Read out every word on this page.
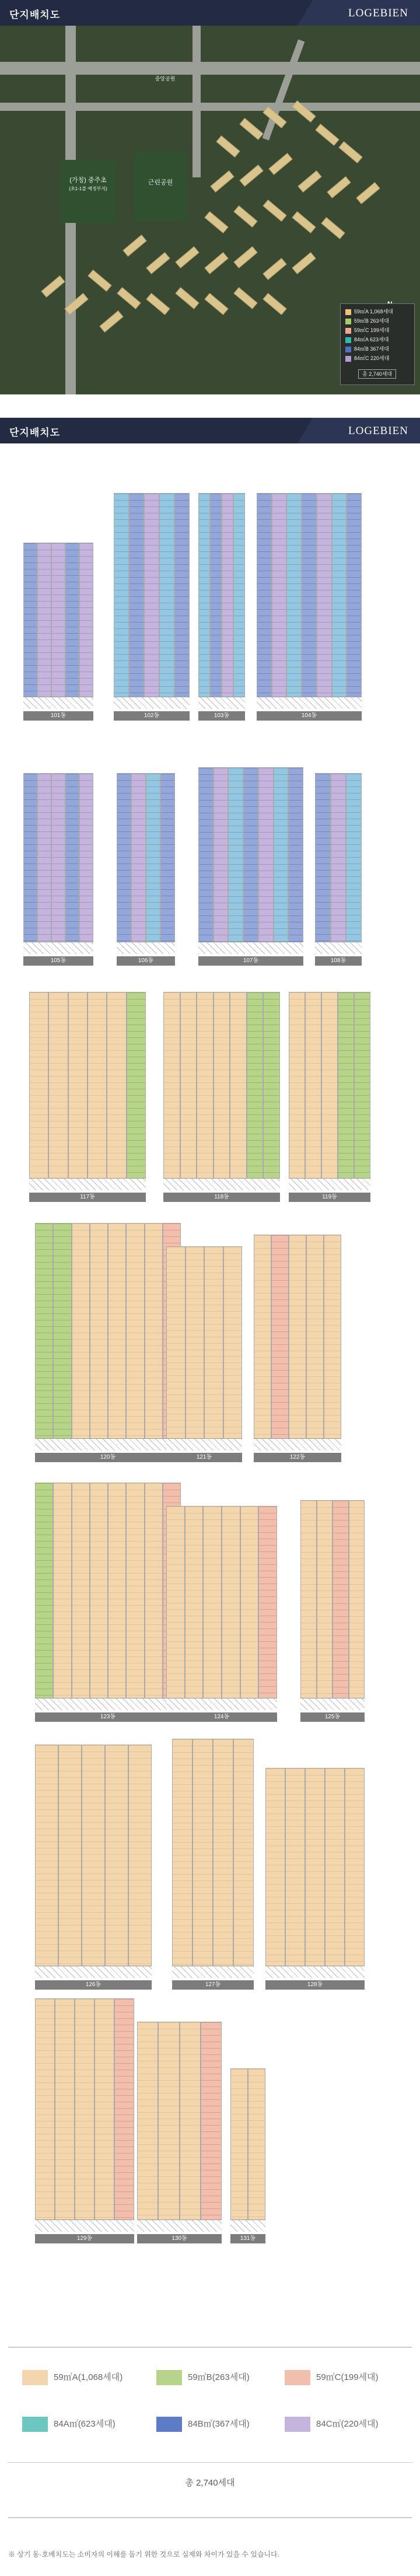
단지배치도	LOGEBIEN
(가칭) 중주초
(초1-1블 예정부지)
근린공원
중앙공원
59㎡A 1,068세대
59㎡B 263세대
59㎡C 199세대
84㎡A 623세대
84㎡B 367세대
84㎡C 220세대
총 2,740세대
단지배치도	LOGEBIEN
101동	102동	103동	104동
105동	106동	107동	108동
117동	118동	119동
120동	121동	122동
123동	124동	125동
126동	127동	128동
129동	130동	131동
59㎡A(1,068세대)	59㎡B(263세대)	59㎡C(199세대)
84A㎡(623세대)	84B㎡(367세대)	84C㎡(220세대)
총 2,740세대
※ 상기 동·호배치도는 소비자의 이해를 돕기 위한 것으로 실제와 차이가 있을 수 있습니다.
